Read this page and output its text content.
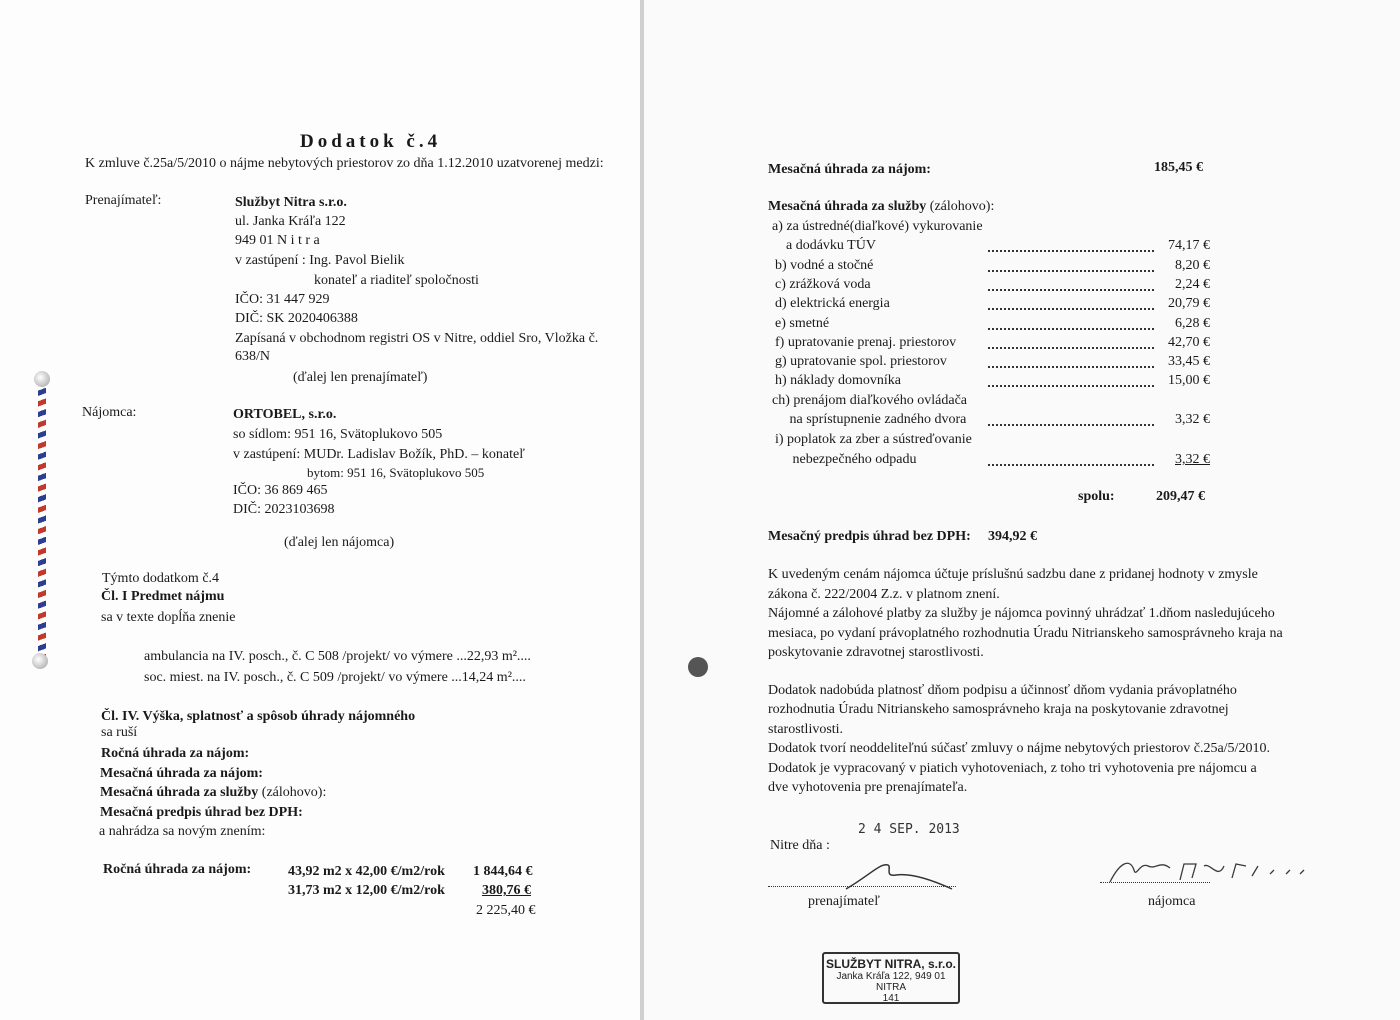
Dodatok č.4
K zmluve č.25a/5/2010 o nájme nebytových priestorov zo dňa 1.12.2010 uzatvorenej medzi:
Prenajímateľ:	Službyt Nitra s.r.o.
ul. Janka Kráľa 122
949 01 N i t r a
v zastúpení : Ing. Pavol Bielik
konateľ a riaditeľ spoločnosti
IČO: 31 447 929
DIČ: SK 2020406388
Zapísaná v obchodnom registri OS v Nitre, oddiel Sro, Vložka č.
638/N
(ďalej len prenajímateľ)
Nájomca:	ORTOBEL, s.r.o.
so sídlom: 951 16, Svätoplukovo 505
v zastúpení: MUDr. Ladislav Božík, PhD. – konateľ
bytom: 951 16, Svätoplukovo 505
IČO: 36 869 465
DIČ: 2023103698
(ďalej len nájomca)
Týmto dodatkom č.4
Čl. I Predmet nájmu
sa v texte dopĺňa znenie
ambulancia na IV. posch., č. C 508 /projekt/ vo výmere ...22,93 m²....
soc. miest. na IV. posch., č. C 509 /projekt/ vo výmere ...14,24 m²....
Čl. IV. Výška, splatnosť a spôsob úhrady nájomného
sa ruší
Ročná úhrada za nájom:
Mesačná úhrada za nájom:
Mesačná úhrada za služby (zálohovo):
Mesačná predpis úhrad bez DPH:
a nahrádza sa novým znením:
Ročná úhrada za nájom:	43,92 m2 x 42,00 €/m2/rok 1 844,64 €
31,73 m2 x 12,00 €/m2/rok	380,76 €
2 225,40 €
Mesačná úhrada za nájom:	185,45 €
Mesačná úhrada za služby (zálohovo):
a) za ústredné(diaľkové) vykurovanie
a dodávku TÚV	74,17 €
b) vodné a stočné	8,20 €
c) zrážková voda	2,24 €
d) elektrická energia	20,79 €
e) smetné	6,28 €
f) upratovanie prenaj. priestorov	42,70 €
g) upratovanie spol. priestorov	33,45 €
h) náklady domovníka	15,00 €
ch) prenájom diaľkového ovládača
na sprístupnenie zadného dvora	3,32 €
i) poplatok za zber a sústreďovanie
nebezpečného odpadu	3,32 €
spolu:	209,47 €
Mesačný predpis úhrad bez DPH: 394,92 €
K uvedeným cenám nájomca účtuje príslušnú sadzbu dane z pridanej hodnoty v zmysle
zákona č. 222/2004 Z.z. v platnom znení.
Nájomné a zálohové platby za služby je nájomca povinný uhrádzať 1.dňom nasledujúceho
mesiaca, po vydaní právoplatného rozhodnutia Úradu Nitrianskeho samosprávneho kraja na
poskytovanie zdravotnej starostlivosti.
Dodatok nadobúda platnosť dňom podpisu a účinnosť dňom vydania právoplatného
rozhodnutia Úradu Nitrianskeho samosprávneho kraja na poskytovanie zdravotnej
starostlivosti.
Dodatok tvorí neoddeliteľnú súčasť zmluvy o nájme nebytových priestorov č.25a/5/2010.
Dodatok je vypracovaný v piatich vyhotoveniach, z toho tri vyhotovenia pre nájomcu a
dve vyhotovenia pre prenajímateľa.
Nitre dňa :
2 4 SEP. 2013
prenajímateľ	nájomca
SLUŽBYT NITRA, s.r.o.
Janka Kráľa 122, 949 01 NITRA
141
